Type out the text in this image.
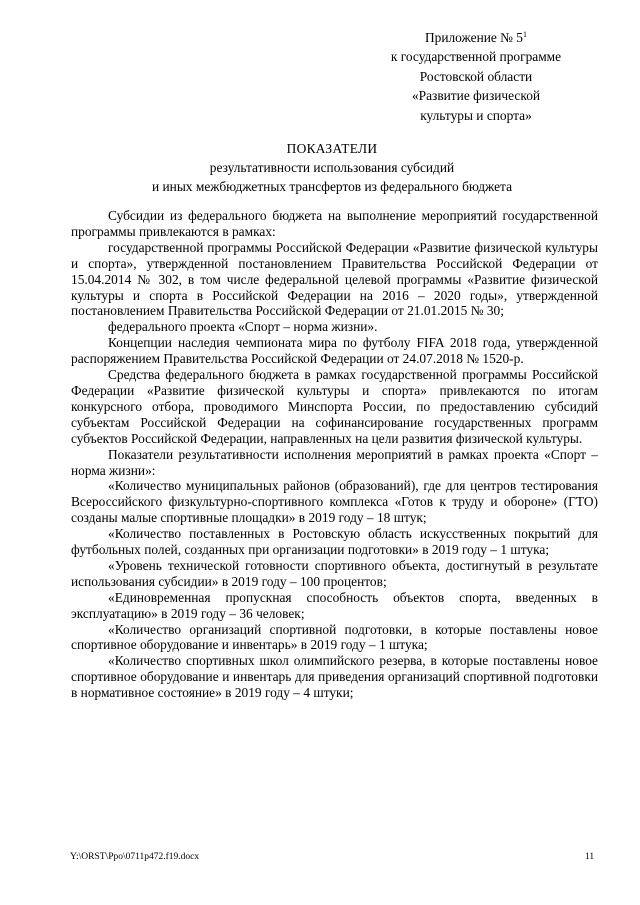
Приложение № $5^1$
к государственной программе
Ростовской области
«Развитие физической
культуры и спорта»
ПОКАЗАТЕЛИ
результативности использования субсидий
и иных межбюджетных трансфертов из федерального бюджета

Субсидии из федерального бюджета на выполнение мероприятий государственной программы привлекаются в рамках:

государственной программы Российской Федерации «Развитие физической культуры и спорта», утвержденной постановлением Правительства Российской Федерации от 15.04.2014 № 302, в том числе федеральной целевой программы «Развитие физической культуры и спорта в Российской Федерации на 2016 – 2020 годы», утвержденной постановлением Правительства Российской Федерации от 21.01.2015 № 30;

федерального проекта «Спорт – норма жизни».

Концепции наследия чемпионата мира по футболу FIFA 2018 года, утвержденной распоряжением Правительства Российской Федерации от 24.07.2018 № 1520-р.

Средства федерального бюджета в рамках государственной программы Российской Федерации «Развитие физической культуры и спорта» привлекаются по итогам конкурсного отбора, проводимого Минспорта России, по предоставлению субсидий субъектам Российской Федерации на софинансирование государственных программ субъектов Российской Федерации, направленных на цели развития физической культуры.

Показатели результативности исполнения мероприятий в рамках проекта «Спорт – норма жизни»:

«Количество муниципальных районов (образований), где для центров тестирования Всероссийского физкультурно-спортивного комплекса «Готов к труду и обороне» (ГТО) созданы малые спортивные площадки» в 2019 году – 18 штук;

«Количество поставленных в Ростовскую область искусственных покрытий для футбольных полей, созданных при организации подготовки» в 2019 году – 1 штука;

«Уровень технической готовности спортивного объекта, достигнутый в результате использования субсидии» в 2019 году – 100 процентов;

«Единовременная пропускная способность объектов спорта, введенных в эксплуатацию» в 2019 году – 36 человек;

«Количество организаций спортивной подготовки, в которые поставлены новое спортивное оборудование и инвентарь» в 2019 году – 1 штука;

«Количество спортивных школ олимпийского резерва, в которые поставлены новое спортивное оборудование и инвентарь для приведения организаций спортивной подготовки в нормативное состояние» в 2019 году – 4 штуки;

Y:\ORST\Ppo\0711p472.f19.docx	11
